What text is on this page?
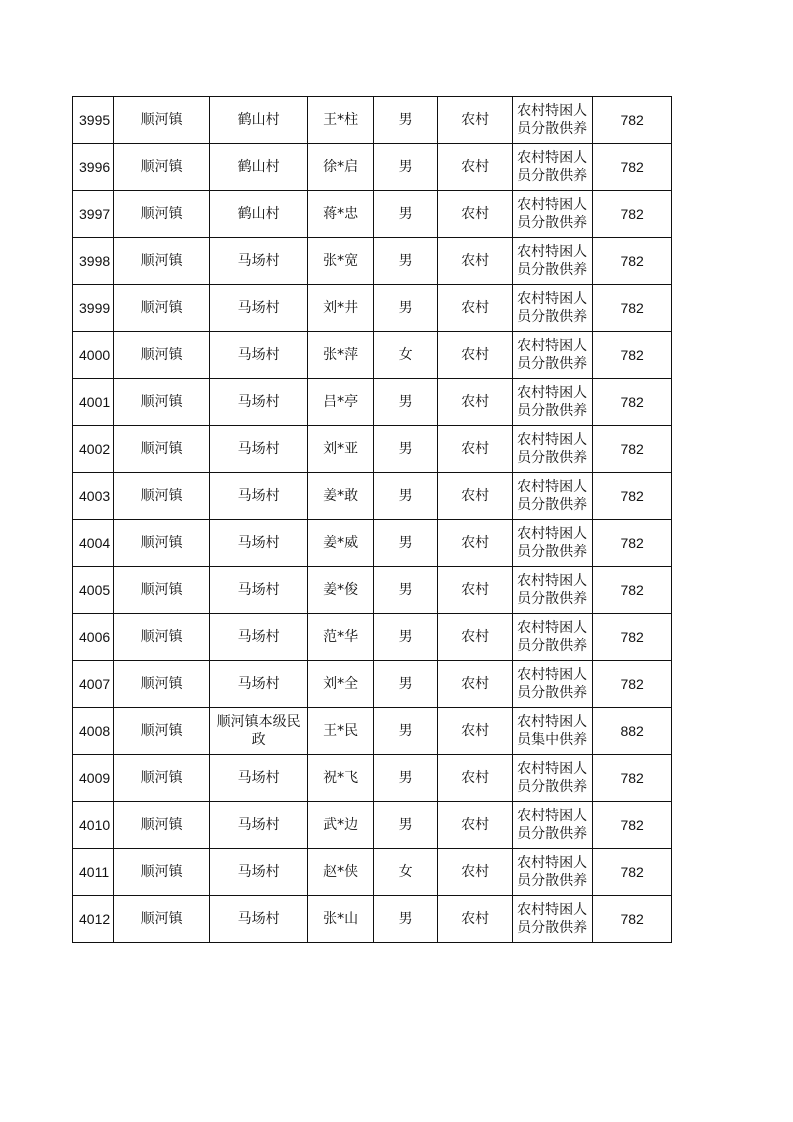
3995	顺河镇	鹤山村	王*柱	男	农村	农村特困人员分散供养	782
3996	顺河镇	鹤山村	徐*启	男	农村	农村特困人员分散供养	782
3997	顺河镇	鹤山村	蒋*忠	男	农村	农村特困人员分散供养	782
3998	顺河镇	马场村	张*宽	男	农村	农村特困人员分散供养	782
3999	顺河镇	马场村	刘*井	男	农村	农村特困人员分散供养	782
4000	顺河镇	马场村	张*萍	女	农村	农村特困人员分散供养	782
4001	顺河镇	马场村	吕*亭	男	农村	农村特困人员分散供养	782
4002	顺河镇	马场村	刘*亚	男	农村	农村特困人员分散供养	782
4003	顺河镇	马场村	姜*敢	男	农村	农村特困人员分散供养	782
4004	顺河镇	马场村	姜*威	男	农村	农村特困人员分散供养	782
4005	顺河镇	马场村	姜*俊	男	农村	农村特困人员分散供养	782
4006	顺河镇	马场村	范*华	男	农村	农村特困人员分散供养	782
4007	顺河镇	马场村	刘*全	男	农村	农村特困人员分散供养	782
4008	顺河镇	顺河镇本级民政	王*民	男	农村	农村特困人员集中供养	882
4009	顺河镇	马场村	祝*飞	男	农村	农村特困人员分散供养	782
4010	顺河镇	马场村	武*边	男	农村	农村特困人员分散供养	782
4011	顺河镇	马场村	赵*侠	女	农村	农村特困人员分散供养	782
4012	顺河镇	马场村	张*山	男	农村	农村特困人员分散供养	782
